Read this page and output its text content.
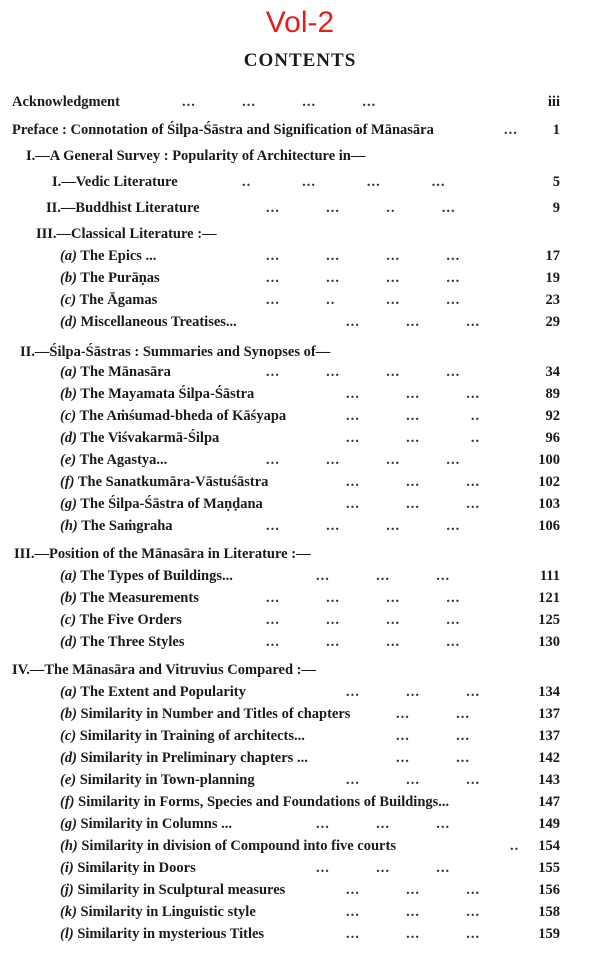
Vol-2
CONTENTS
Acknowledgment	...          ...          ...          ...	iii
Preface : Connotation of Śilpa-Śāstra and Signification of Mānasāra	... 1
I.—A General Survey : Popularity of Architecture in—
I.—Vedic Literature	..           ...           ...           ...	5
II.—Buddhist Literature	...          ...          ..          ...	9
III.—Classical Literature :—
(a) The Epics ...	...          ...          ...          ...	17
(b) The Purāṇas	...          ...          ...          ...	19
(c) The Āgamas	...          ..           ...          ...	23
(d) Miscellaneous Treatises...	...          ...          ...	29
II.—Śilpa-Śāstras : Summaries and Synopses of—
(a) The Mānasāra	...          ...          ...          ...	34
(b) The Mayamata Śilpa-Śāstra	...          ...          ...	89
(c) The Aṁśumad-bheda of Kāśyapa	...          ...           ..	92
(d) The Viśvakarmā-Śilpa	...          ...           ..	96
(e) The Agastya...	...          ...          ...          ...	100
(f) The Sanatkumāra-Vāstuśāstra	...          ...          ...	102
(g) The Śilpa-Śāstra of Maṇḍana	...          ...          ...	103
(h) The Saṁgraha	...          ...          ...          ...	106
III.—Position of the Mānasāra in Literature :—
(a) The Types of Buildings...	...          ...          ...	111
(b) The Measurements	...          ...          ...          ...	121
(c) The Five Orders	...          ...          ...          ...	125
(d) The Three Styles	...          ...          ...          ...	130
IV.—The Mānasāra and Vitruvius Compared :—
(a) The Extent and Popularity	...          ...          ...	134
(b) Similarity in Number and Titles of chapters	...          ...	137
(c) Similarity in Training of architects...	...          ...	137
(d) Similarity in Preliminary chapters ...	...          ...	142
(e) Similarity in Town-planning	...          ...          ...	143
(f) Similarity in Forms, Species and Foundations of Buildings...	147
(g) Similarity in Columns ...	...          ...          ...	149
(h) Similarity in division of Compound into five courts	.. 154
(i) Similarity in Doors	...          ...          ...	155
(j) Similarity in Sculptural measures	...          ...          ...	156
(k) Similarity in Linguistic style	...          ...          ...	158
(l) Similarity in mysterious Titles	...          ...          ...	159
